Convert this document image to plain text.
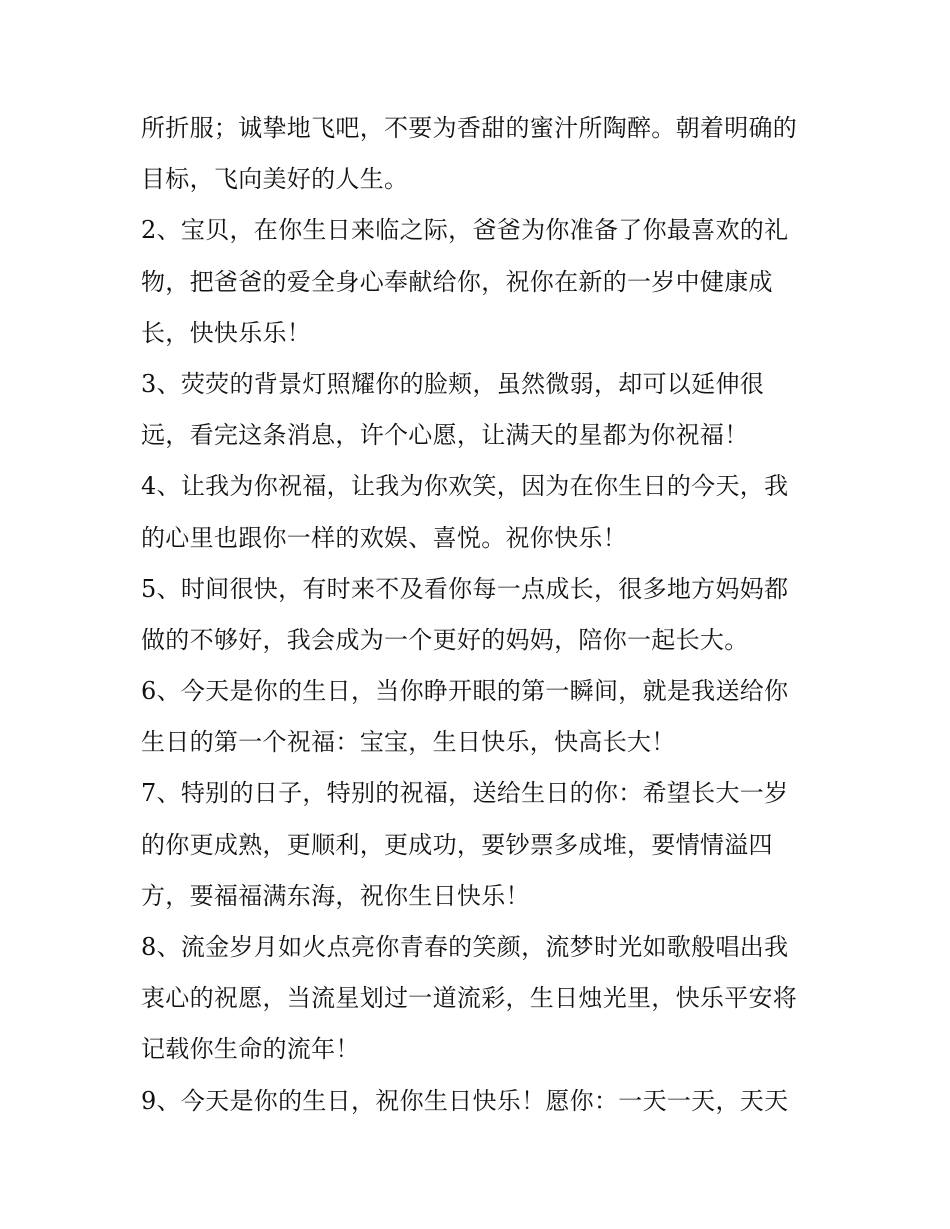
所折服；诚挚地飞吧，不要为香甜的蜜汁所陶醉。朝着明确的
目标，飞向美好的人生。
2、宝贝，在你生日来临之际，爸爸为你准备了你最喜欢的礼
物，把爸爸的爱全身心奉献给你，祝你在新的一岁中健康成
长，快快乐乐！
3、荧荧的背景灯照耀你的脸颊，虽然微弱，却可以延伸很
远，看完这条消息，许个心愿，让满天的星都为你祝福！
4、让我为你祝福，让我为你欢笑，因为在你生日的今天，我
的心里也跟你一样的欢娱、喜悦。祝你快乐！
5、时间很快，有时来不及看你每一点成长，很多地方妈妈都
做的不够好，我会成为一个更好的妈妈，陪你一起长大。
6、今天是你的生日，当你睁开眼的第一瞬间，就是我送给你
生日的第一个祝福：宝宝，生日快乐，快高长大！
7、特别的日子，特别的祝福，送给生日的你：希望长大一岁
的你更成熟，更顺利，更成功，要钞票多成堆，要情情溢四
方，要福福满东海，祝你生日快乐！
8、流金岁月如火点亮你青春的笑颜，流梦时光如歌般唱出我
衷心的祝愿，当流星划过一道流彩，生日烛光里，快乐平安将
记载你生命的流年！
9、今天是你的生日，祝你生日快乐！愿你：一天一天，天天
